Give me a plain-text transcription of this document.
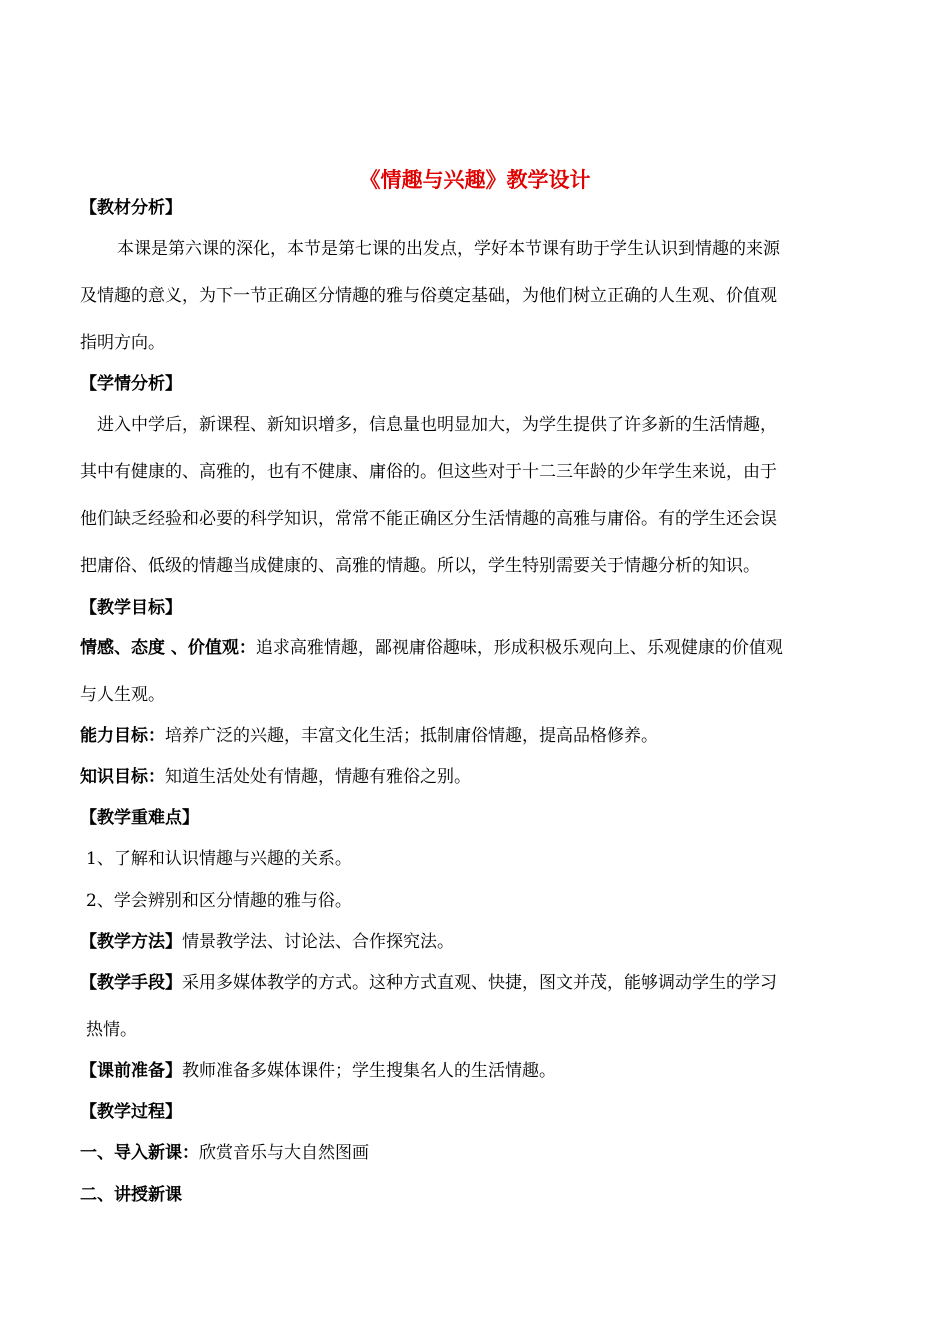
《情趣与兴趣》教学设计
【教材分析】
本课是第六课的深化，本节是第七课的出发点，学好本节课有助于学生认识到情趣的来源
及情趣的意义，为下一节正确区分情趣的雅与俗奠定基础，为他们树立正确的人生观、价值观
指明方向。
【学情分析】
进入中学后，新课程、新知识增多，信息量也明显加大，为学生提供了许多新的生活情趣，
其中有健康的、高雅的，也有不健康、庸俗的。但这些对于十二三年龄的少年学生来说，由于
他们缺乏经验和必要的科学知识，常常不能正确区分生活情趣的高雅与庸俗。有的学生还会误
把庸俗、低级的情趣当成健康的、高雅的情趣。所以，学生特别需要关于情趣分析的知识。
【教学目标】
情感、态度 、价值观：追求高雅情趣，鄙视庸俗趣味，形成积极乐观向上、乐观健康的价值观
与人生观。
能力目标：培养广泛的兴趣，丰富文化生活；抵制庸俗情趣，提高品格修养。
知识目标：知道生活处处有情趣，情趣有雅俗之别。
【教学重难点】
1、了解和认识情趣与兴趣的关系。
2、学会辨别和区分情趣的雅与俗。
【教学方法】情景教学法、讨论法、合作探究法。
【教学手段】采用多媒体教学的方式。这种方式直观、快捷，图文并茂，能够调动学生的学习
热情。
【课前准备】教师准备多媒体课件；学生搜集名人的生活情趣。
【教学过程】
一、导入新课：欣赏音乐与大自然图画
二、讲授新课
